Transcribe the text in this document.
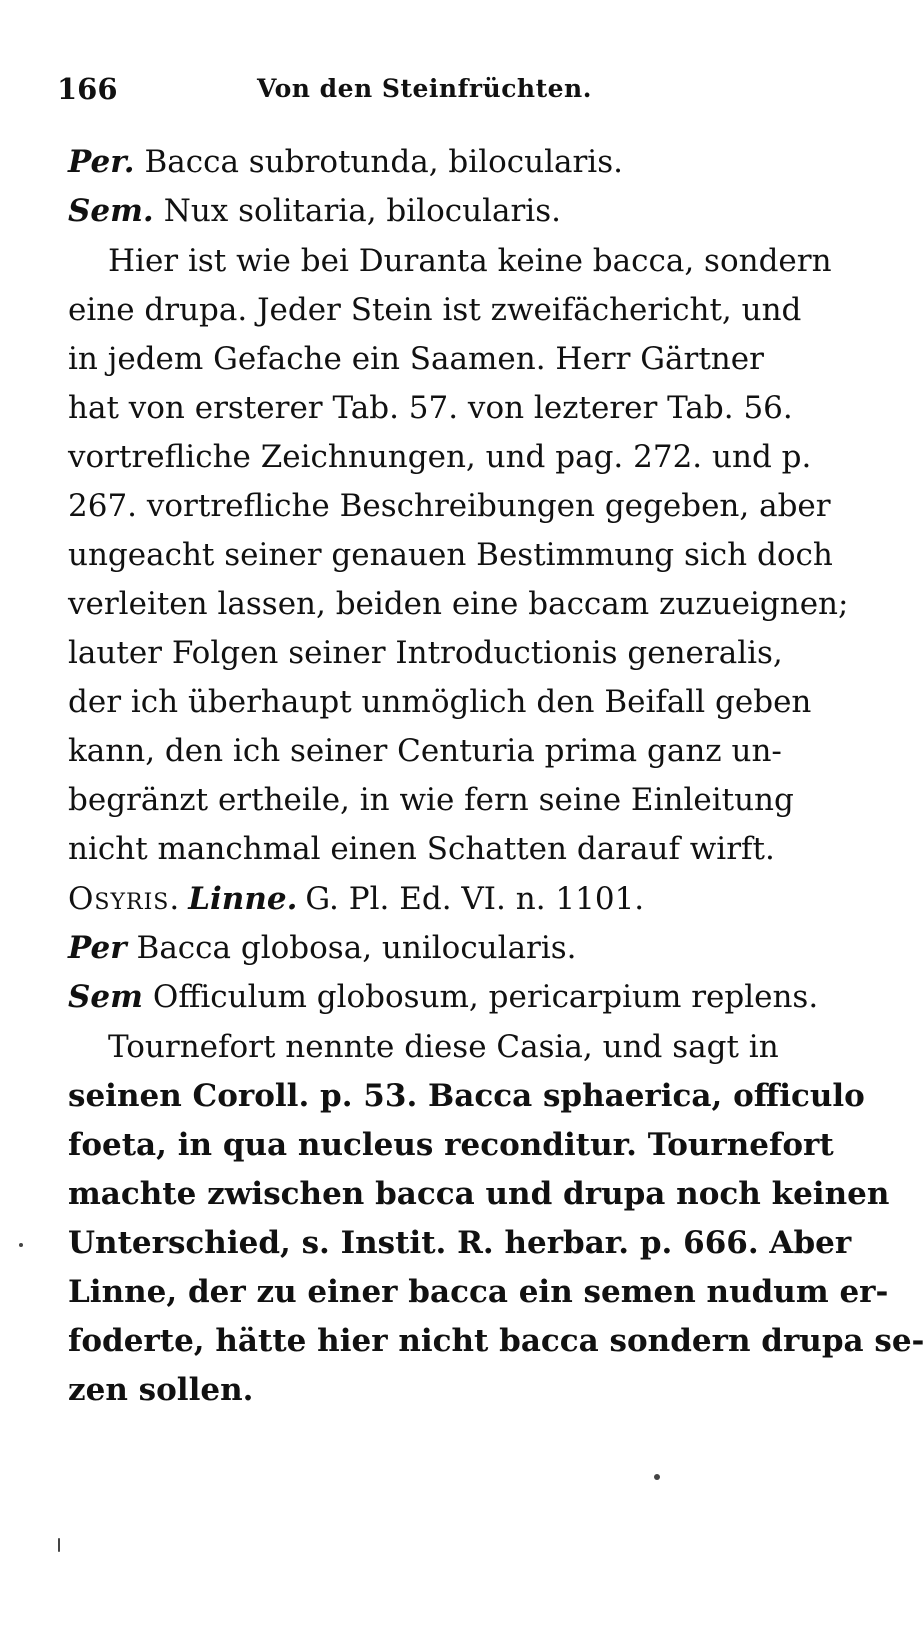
166	Von den Steinfrüchten.
Per. Bacca subrotunda, bilocularis.
Sem. Nux solitaria, bilocularis.
Hier ist wie bei Duranta keine bacca, sondern
eine drupa. Jeder Stein ist zweifächericht, und
in jedem Gefache ein Saamen. Herr Gärtner
hat von ersterer Tab. 57. von lezterer Tab. 56.
vortrefliche Zeichnungen, und pag. 272. und p.
267. vortrefliche Beschreibungen gegeben, aber
ungeacht seiner genauen Bestimmung sich doch
verleiten lassen, beiden eine baccam zuzueignen;
lauter Folgen seiner Introductionis generalis,
der ich überhaupt unmöglich den Beifall geben
kann, den ich seiner Centuria prima ganz un-
begränzt ertheile, in wie fern seine Einleitung
nicht manchmal einen Schatten darauf wirft.
Osyris. Linne. G. Pl. Ed. VI. n. 1101.
Per Bacca globosa, unilocularis.
Sem Officulum globosum, pericarpium replens.
Tournefort nennte diese Casia, und sagt in
seinen Coroll. p. 53. Bacca sphaerica, officulo
foeta, in qua nucleus reconditur. Tournefort
machte zwischen bacca und drupa noch keinen
Unterschied, s. Instit. R. herbar. p. 666. Aber
Linne, der zu einer bacca ein semen nudum er-
foderte, hätte hier nicht bacca sondern drupa se-
zen sollen.
